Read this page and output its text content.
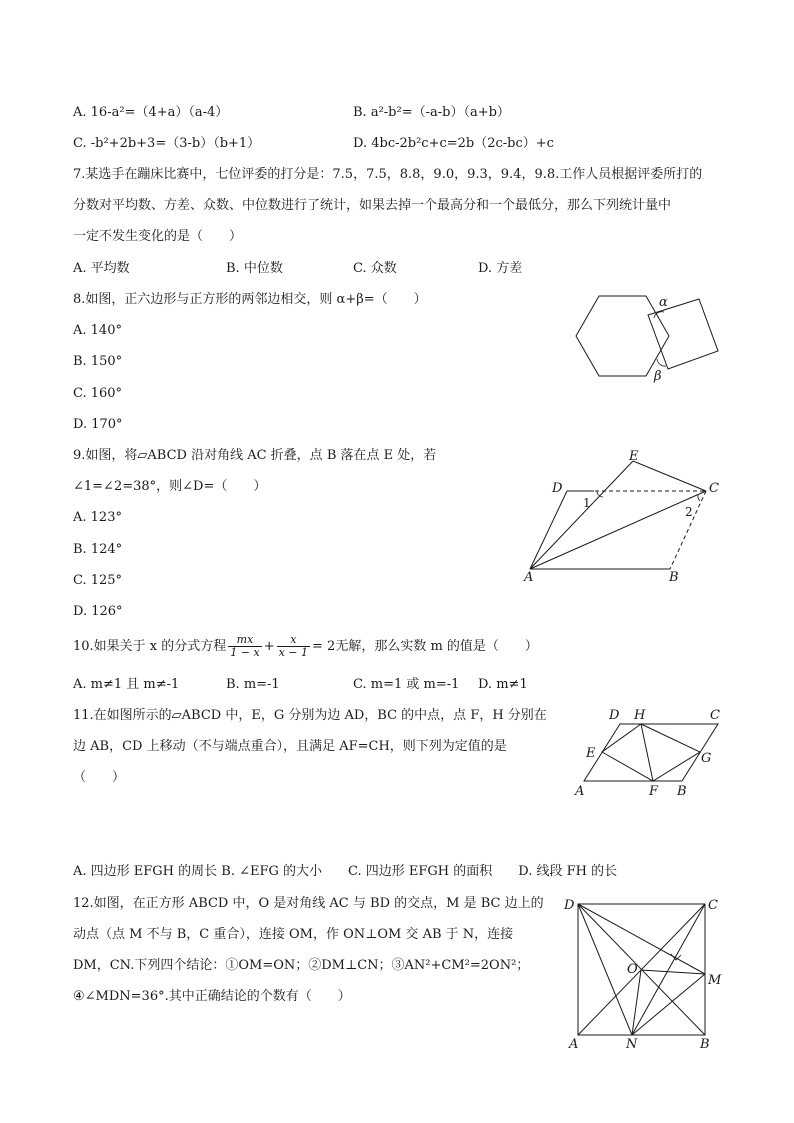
A. 16-a²=（4+a）（a-4）	B. a²-b²=（-a-b）（a+b）
C. -b²+2b+3=（3-b）（b+1）	D. 4bc-2b²c+c=2b（2c-bc）+c
7.某选手在蹦床比赛中，七位评委的打分是：7.5，7.5，8.8，9.0，9.3，9.4，9.8.工作人员根据评委所打的
分数对平均数、方差、众数、中位数进行了统计，如果去掉一个最高分和一个最低分，那么下列统计量中
一定不发生变化的是（　　）
A. 平均数	B. 中位数	C. 众数	D. 方差
8.如图，正六边形与正方形的两邻边相交，则 α+β=（　　）
A. 140°
B. 150°
C. 160°
D. 170°
α
β
9.如图，将▱ABCD 沿对角线 AC 折叠，点 B 落在点 E 处，若
∠1=∠2=38°，则∠D=（　　）
A. 123°
B. 124°
C. 125°
D. 126°
D
E
C
1
2
A	B
10.如果关于 x 的分式方程 $\frac{mx}{1 - x} + \frac{x}{x - 1} = 2$无解，那么实数 m 的值是（　　）
A. m≠1 且 m≠-1	B. m=-1	C. m=1 或 m=-1 D. m≠1
11.在如图所示的▱ABCD 中，E，G 分别为边 AD，BC 的中点，点 F，H 分别在
边 AB，CD 上移动（不与端点重合），且满足 AF=CH，则下列为定值的是
（　　）
D H	C
E	G
A	F B
A. 四边形 EFGH 的周长 B. ∠EFG 的大小　　C. 四边形 EFGH 的面积　　D. 线段 FH 的长
12.如图，在正方形 ABCD 中，O 是对角线 AC 与 BD 的交点，M 是 BC 边上的
动点（点 M 不与 B，C 重合），连接 OM，作 ON⊥OM 交 AB 于 N，连接
DM，CN.下列四个结论：①OM=ON；②DM⊥CN；③AN²+CM²=2ON²；
④∠MDN=36°.其中正确结论的个数有（　　）
D	C
O
M
A	N	B
